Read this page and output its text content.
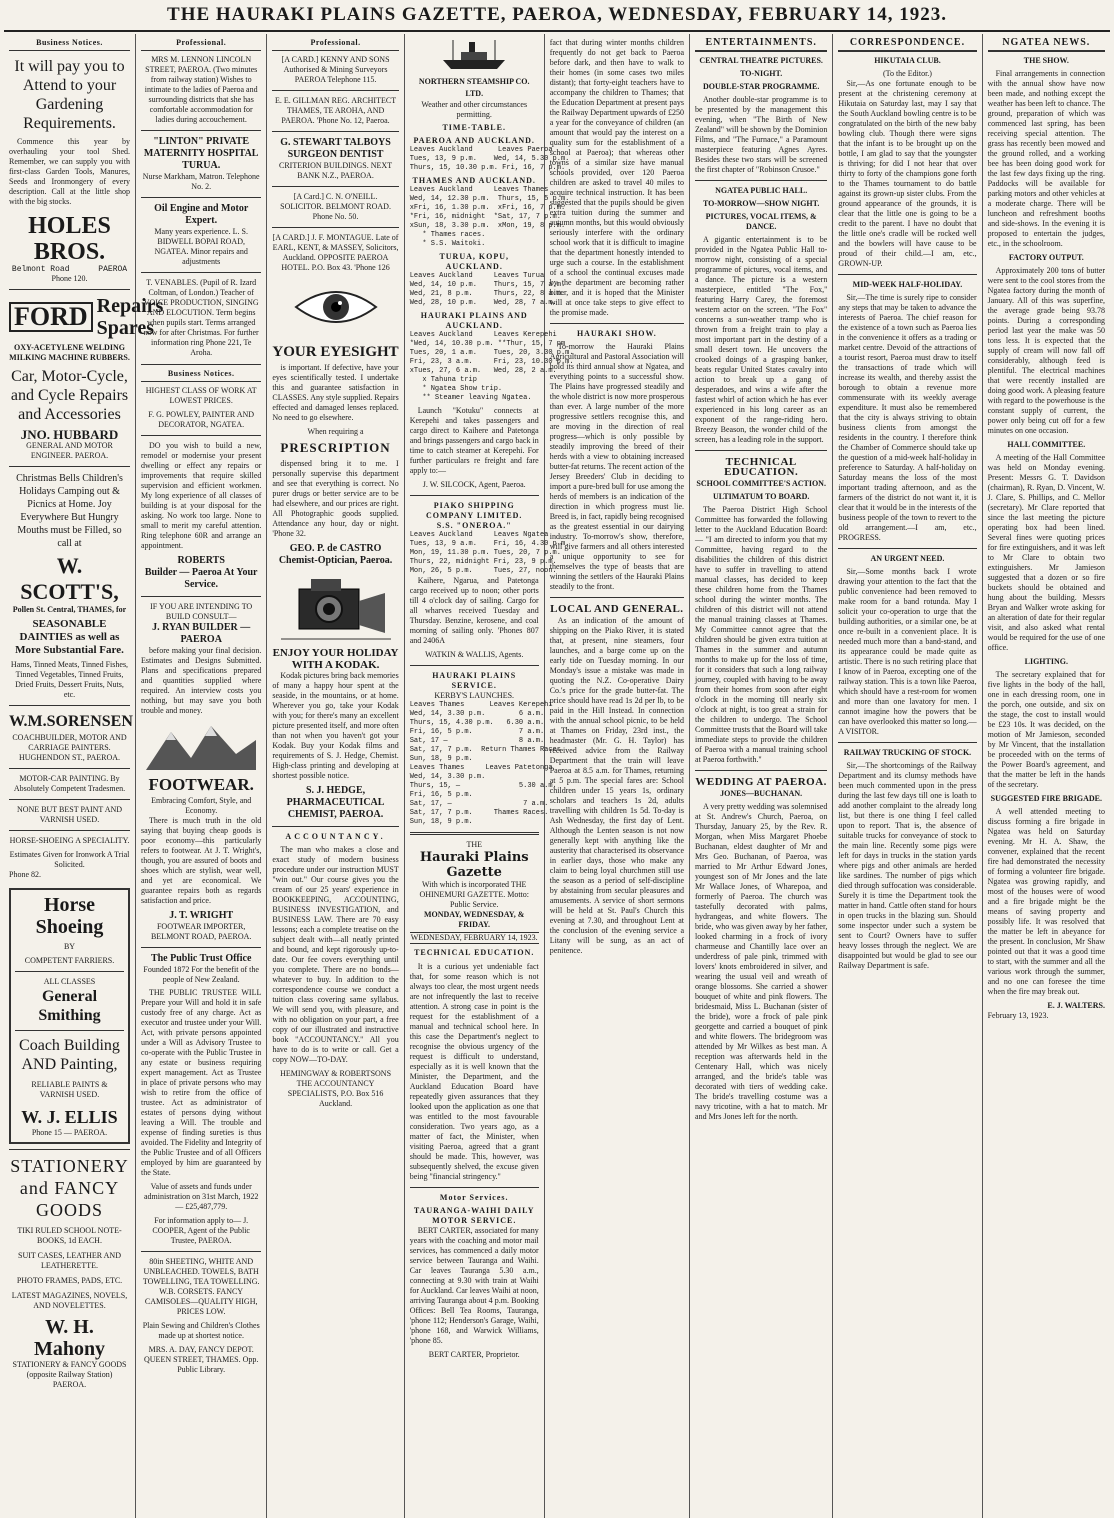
THE HAURAKI PLAINS GAZETTE, PAEROA, WEDNESDAY, FEBRUARY 14, 1923.
Business Notices.
It will pay you to Attend to your Gardening Requirements.
Commence this year by overhauling your tool Shed. Remember, we can supply you with first-class Garden Tools, Manures, Seeds and Ironmongery of every description. Call at the little shop with the big stocks.
HOLES BROS.
Belmont Road      PAEROA
Phone 120.
FORD Repairs
Spares
OXY-ACETYLENE WELDING MILKING MACHINE RUBBERS.
Car, Motor-Cycle, and Cycle Repairs and Accessories
JNO. HUBBARD
GENERAL AND MOTOR ENGINEER. PAEROA.
Christmas Bells Children's Holidays Camping out & Picnics at Home. Joy Everywhere But Hungry Mouths must be Filled, so call at
W. SCOTT'S,
Pollen St. Central, THAMES, for
SEASONABLE DAINTIES as well as More Substantial Fare.
Hams, Tinned Meats, Tinned Fishes, Tinned Vegetables, Tinned Fruits, Dried Fruits, Dessert Fruits, Nuts, etc.
W.M.SORENSEN
COACHBUILDER, MOTOR AND CARRIAGE PAINTERS. HUGHENDON ST., PAEROA.
MOTOR-CAR PAINTING. By Absolutely Competent Tradesmen.
NONE BUT BEST PAINT AND VARNISH USED.
HORSE-SHOEING A SPECIALITY.
Estimates Given for Ironwork A Trial Solicited.
Phone 82.
Horse Shoeing
BY
COMPETENT FARRIERS.
ALL CLASSES
General Smithing
Coach Building AND Painting,
RELIABLE PAINTS & VARNISH USED.
W. J. ELLIS
Phone 15 — PAEROA.
STATIONERY and FANCY GOODS
TIKI RULED SCHOOL NOTE-BOOKS, 1d EACH.
SUIT CASES, LEATHER AND LEATHERETTE.
PHOTO FRAMES, PADS, ETC.
LATEST MAGAZINES, NOVELS, AND NOVELETTES.
W. H. Mahony
STATIONERY & FANCY GOODS (opposite Railway Station) PAEROA.
Professional.
MRS M. LENNON LINCOLN STREET, PAEROA. (Two minutes from railway station) Wishes to intimate to the ladies of Paeroa and surrounding districts that she has comfortable accommodation for ladies during accouchement.
"LINTON" PRIVATE MATERNITY HOSPITAL TURUA.
Nurse Markham, Matron. Telephone No. 2.
Oil Engine and Motor Expert.
Many years experience. L. S. BIDWELL BOPAI ROAD, NGATEA. Minor repairs and adjustments
T. VENABLES. (Pupil of R. Izard Coltman, of London.) Teacher of VOICE PRODUCTION, SINGING AND ELOCUTION. Term begins when pupils start. Terms arranged now for after Christmas. For further information ring Phone 221, Te Aroha.
Business Notices.
HIGHEST CLASS OF WORK AT LOWEST PRICES.
F. G. POWLEY, PAINTER AND DECORATOR, NGATEA.
DO you wish to build a new, remodel or modernise your present dwelling or effect any repairs or improvements that require skilled supervision and efficient workmen. My long experience of all classes of building is at your disposal for the asking. No work too large. None to small to merit my careful attention. Ring telephone 60R and arrange an appointment.
ROBERTS
Builder — Paeroa At Your Service.
IF YOU ARE INTENDING TO BUILD CONSULT—
J. RYAN BUILDER — PAEROA
before making your final decision. Estimates and Designs Submitted. Plans and specifications prepared and quantities supplied where required. An interview costs you nothing, but may save you both trouble and money.
FOOTWEAR.
Embracing Comfort, Style, and Economy.
There is much truth in the old saying that buying cheap goods is poor economy—this particularly refers to footwear. At J. T. Wright's, though, you are assured of boots and shoes which are stylish, wear well, and yet are economical. We guarantee repairs both as regards satisfaction and price.
J. T. WRIGHT
FOOTWEAR IMPORTER, BELMONT ROAD, PAEROA.
The Public Trust Office
Founded 1872 For the benefit of the people of New Zealand.
THE PUBLIC TRUSTEE WILL Prepare your Will and hold it in safe custody free of any charge. Act as executor and trustee under your Will. Act, with private persons appointed under a Will as Advisory Trustee to co-operate with the Public Trustee in any estate or business requiring expert management. Act as Trustee in place of private persons who may wish to retire from the office of trustee. Act as administrator of estates of persons dying without leaving a Will. The trouble and expense of finding sureties is thus avoided. The Fidelity and Integrity of the Public Trustee and of all Officers employed by him are guaranteed by the State.
Value of assets and funds under administration on 31st March, 1922— £25,487,779.
For information apply to— J. COOPER, Agent of the Public Trustee, PAEROA.
80in SHEETING, WHITE AND UNBLEACHED. TOWELS, BATH TOWELLING, TEA TOWELLING. W.B. CORSETS. FANCY CAMISOLES—QUALITY HIGH, PRICES LOW.
Plain Sewing and Children's Clothes made up at shortest notice.
MRS. A. DAY, FANCY DEPOT. QUEEN STREET, THAMES. Opp. Public Library.
Professional.
[A CARD.] KENNY AND SONS Authorised & Mining Surveyors PAEROA Telephone 115.
E. E. GILLMAN REG. ARCHITECT THAMES, TE AROHA, AND PAEROA. 'Phone No. 12, Paeroa.
G. STEWART TALBOYS SURGEON DENTIST
CRITERION BUILDINGS. NEXT BANK N.Z., PAEROA.
[A Card.] C. N. O'NEILL. SOLICITOR. BELMONT ROAD. Phone No. 50.
[A CARD.] J. F. MONTAGUE. Late of EARL, KENT, & MASSEY, Solicitors, Auckland. OPPOSITE PAEROA HOTEL. P.O. Box 43. 'Phone 126
YOUR EYESIGHT
is important. If defective, have your eyes scientifically tested. I undertake this and guarantee satisfaction in CLASSES. Any style supplied. Repairs effected and damaged lenses replaced. No need to go elsewhere.
When requiring a
PRESCRIPTION
dispensed bring it to me. I personally supervise this department and see that everything is correct. No purer drugs or better service are to be had elsewhere, and our prices are right. All Photographic goods supplied. Attendance any hour, day or night. 'Phone 32.
GEO. P. de CASTRO Chemist-Optician, Paeroa.
ENJOY YOUR HOLIDAY WITH A KODAK.
Kodak pictures bring back memories of many a happy hour spent at the seaside, in the mountains, or at home. Wherever you go, take your Kodak with you; for there's many an excellent picture presented itself, and more often than not when you haven't got your Kodak. Buy your Kodak films and requirements of S. J. Hedge, Chemist. High-class printing and developing at shortest possible notice.
S. J. HEDGE, PHARMACEUTICAL CHEMIST, PAEROA.
ACCOUNTANCY.
The man who makes a close and exact study of modern business procedure under our instruction MUST "win out." Our course gives you the cream of our 25 years' experience in BOOKKEEPING, ACCOUNTING, BUSINESS INVESTIGATION, and BUSINESS LAW. There are 70 easy lessons; each a complete treatise on the subject dealt with—all neatly printed and bound, and kept rigorously up-to-date. Our fee covers everything until you complete. There are no bonds—whatever to buy. In addition to the correspondence course we conduct a tuition class covering same syllabus. We will send you, with pleasure, and with no obligation on your part, a free copy of our illustrated and instructive book "ACCOUNTANCY." All you have to do is to write or call. Get a copy NOW—TO-DAY.
HEMINGWAY & ROBERTSONS THE ACCOUNTANCY SPECIALISTS, P.O. Box 516 Auckland.
NORTHERN STEAMSHIP CO. LTD.
Weather and other circumstances permitting.
TIME-TABLE.
PAEROA AND AUCKLAND.
Leaves Auckland      Leaves Paeroa
Tues, 13, 9 p.m.    Wed, 14, 5.30 p.m.
Thurs, 15, 10.30 p.m. Fri, 16, 7 p.m.
THAMES AND AUCKLAND.
Leaves Auckland     Leaves Thames
Wed, 14, 12.30 p.m.  Thurs, 15, 5 p.m.
xFri, 16, 1.30 p.m.  xFri, 16, 7 p.m.
*Fri, 16, midnight  *Sat, 17, 7 p.m.
xSun, 18, 3.30 p.m.  xMon, 19, 8 p.m.
* Thames races.
* S.S. Waitoki.
TURUA, KOPU, AUCKLAND.
Leaves Auckland     Leaves Turua
Wed, 14, 10 p.m.    Thurs, 15, 7 a.m.
Wed, 21, 8 p.m.     Thurs, 22, 8 a.m.
Wed, 28, 10 p.m.    Wed, 28, 7 a.m.
HAURAKI PLAINS AND AUCKLAND.
Leaves Auckland     Leaves Kerepehi
*Wed, 14, 10.30 p.m. **Thur, 15, 7 pm
Tues, 20, 1 a.m.    Tues, 20, 3.30 p.m.
Fri, 23, 3 a.m.     Fri, 23, 10.30 p.m.
xTues, 27, 6 a.m.   Wed, 28, 2 a.m.
x Tahuna trip
* Ngatea Show trip.
** Steamer leaving Ngatea.
Launch "Kotuku" connects at Kerepehi and takes passengers and cargo direct to Kaihere and Patetonga and brings passengers and cargo back in time to catch steamer at Kerepehi. For further particulars re freight and fare apply to:—
J. W. SILCOCK, Agent, Paeroa.
PIAKO SHIPPING COMPANY LIMITED.
S.S. "ONEROA."
Leaves Auckland     Leaves Ngatea
Tues, 13, 9 a.m.    Fri, 16, 4.30 p.m.
Mon, 19, 11.30 p.m. Tues, 20, 7 p.m.
Thurs, 22, midnight Fri, 23, 9 p.m.
Mon, 26, 5 p.m.     Tues, 27, noon.
Kaihere, Ngarua, and Patetonga cargo received up to noon; other ports till 4 o'clock day of sailing. Cargo for all wharves received Tuesday and Thursday. Benzine, kerosene, and coal morning of sailing only. 'Phones 807 and 2406A
WATKIN & WALLIS, Agents.
HAURAKI PLAINS SERVICE.
KERBY'S LAUNCHES.
Leaves Thames      Leaves Kerepehi
Wed, 14, 3.30 p.m.        6 a.m.
Thurs, 15, 4.30 p.m.   6.30 a.m.
Fri, 16, 5 p.m.           7 a.m.
Sat, 17 —                 8 a.m.
Sat, 17, 7 p.m.  Return Thames Races
Sun, 18, 9 p.m.
Leaves Thames     Leaves Patetonga
Wed, 14, 3.30 p.m.
Thurs, 15, —              5.30 a.m.
Fri, 16, 5 p.m.
Sat, 17, —                 7 a.m.
Sat, 17, 7 p.m.     Thames Races.
Sun, 18, 9 p.m.
THE
Hauraki Plains Gazette
With which is incorporated THE OHINEMURI GAZETTE. Motto: Public Service.
MONDAY, WEDNESDAY, & FRIDAY.
WEDNESDAY, FEBRUARY 14, 1923.
TECHNICAL EDUCATION.
It is a curious yet undeniable fact that, for some reason which is not always too clear, the most urgent needs are not infrequently the last to receive attention. A strong case in point is the request for the establishment of a manual and technical school here. In this case the Department's neglect to recognise the obvious urgency of the request is difficult to understand, especially as it is well known that the Minister, the Department, and the Auckland Education Board have repeatedly given assurances that they looked upon the application as one that was entitled to the most favourable consideration. Two years ago, as a matter of fact, the Minister, when visiting Paeroa, agreed that a grant should be made. This, however, was subsequently shelved, the excuse given being "financial stringency."
Motor Services.
TAURANGA-WAIHI DAILY MOTOR SERVICE.
BERT CARTER, associated for many years with the coaching and motor mail services, has commenced a daily motor service between Tauranga and Waihi. Car leaves Tauranga 5.30 a.m., connecting at 9.30 with train at Waihi for Auckland. Car leaves Waihi at noon, arriving Tauranga about 4 p.m. Booking Offices: Bell Tea Rooms, Tauranga, 'phone 112; Henderson's Garage, Waihi, 'phone 168, and Warwick Williams, 'phone 85.
BERT CARTER, Proprietor.
fact that during winter months children frequently do not get back to Paeroa before dark, and then have to walk to their homes (in some cases two miles distant); that forty-eight teachers have to accompany the children to Thames; that the Education Department at present pays the Railway Department upwards of £250 a year for the conveyance of children (an amount that would pay the interest on a quality sum for the establishment of a school at Paeroa); that whereas other towns of a similar size have manual schools provided, over 120 Paeroa children are asked to travel 40 miles to acquire technical instruction. It has been suggested that the pupils should be given extra tuition during the summer and autumn months, but this would obviously seriously interfere with the ordinary school work that it is difficult to imagine that the department honestly intended to urge such a course. In the establishment of a school the continual excuses made by the department are becoming rather bitter, and it is hoped that the Minister will at once take steps to give effect to the promise made.
HAURAKI SHOW.
To-morrow the Hauraki Plains Agricultural and Pastoral Association will hold its third annual show at Ngatea, and everything points to a successful show. The Plains have progressed steadily and the whole district is now more prosperous than ever. A large number of the more progressive settlers recognise this, and are moving in the direction of real progress—which is only possible by steadily improving the breed of their herds with a view to obtaining increased butter-fat returns. The recent action of the Jersey Breeders' Club in deciding to import a pure-bred bull for use among the herds of members is an indication of the direction in which progress must lie. Breed is, in fact, rapidly being recognised as the greatest essential in our dairying industry. To-morrow's show, therefore, will give farmers and all others interested a unique opportunity to see for themselves the type of beasts that are winning the settlers of the Hauraki Plains steadily to the front.
LOCAL AND GENERAL.
As an indication of the amount of shipping on the Piako River, it is stated that, at present, nine steamers, four launches, and a barge come up on the early tide on Tuesday morning. In our Monday's issue a mistake was made in quoting the N.Z. Co-operative Dairy Co.'s price for the grade butter-fat. The price should have read 1s 2d per lb, to be paid in the Hill Instead. In connection with the annual school picnic, to be held at Thames on Friday, 23rd inst., the headmaster (Mr. G. H. Taylor) has received advice from the Railway Department that the train will leave Paeroa at 8.5 a.m. for Thames, returning at 5 p.m. The special fares are: School children under 15 years 1s, ordinary scholars and teachers 1s 2d, adults travelling with children 1s 5d. To-day is Ash Wednesday, the first day of Lent. Although the Lenten season is not now generally kept with anything like the austerity that characterised its observance in earlier days, those who make any claim to being loyal churchmen still use the season as a period of self-discipline by abstaining from secular pleasures and amusements. A service of short sermons will be held at St. Paul's Church this evening at 7.30, and throughout Lent at the conclusion of the evening service a Litany will be sung, as an act of penitence.
ENTERTAINMENTS.
CENTRAL THEATRE PICTURES.
TO-NIGHT.
DOUBLE-STAR PROGRAMME.
Another double-star programme is to be presented by the management this evening, when "The Birth of New Zealand" will be shown by the Dominion Films, and "The Furnace," a Paramount masterpiece featuring Agnes Ayres. Besides these two stars will be screened the first chapter of "Robinson Crusoe."
NGATEA PUBLIC HALL.
TO-MORROW—SHOW NIGHT.
PICTURES, VOCAL ITEMS, & DANCE.
A gigantic entertainment is to be provided in the Ngatea Public Hall to-morrow night, consisting of a special programme of pictures, vocal items, and a dance. The picture is a western masterpiece, entitled "The Fox," featuring Harry Carey, the foremost western actor on the screen. "The Fox" concerns a sun-weather tramp who is thrown from a freight train to play a most important part in the destiny of a small desert town. He uncovers the crooked doings of a grasping banker, beats regular United States cavalry into action to break up a gang of desperadoes, and wins a wife after the fastest whirl of action which he has ever experienced in his long career as an exponent of the range-riding hero. Breezy Beason, the wonder child of the screen, has a leading role in the support.
TECHNICAL EDUCATION.
SCHOOL COMMITTEE'S ACTION.
ULTIMATUM TO BOARD.
The Paeroa District High School Committee has forwarded the following letter to the Auckland Education Board:— "I am directed to inform you that my Committee, having regard to the disabilities the children of this district have to suffer in travelling to attend manual classes, has decided to keep these children home from the Thames school during the winter months. The children of this district will not attend the manual training classes at Thames. My Committee cannot agree that the children should be given extra tuition at Thames in the summer and autumn months to make up for the loss of time, for it considers that such a long railway journey, coupled with having to be away from their homes from soon after eight o'clock in the morning till nearly six o'clock at night, is too great a strain for the children to undergo. The School Committee trusts that the Board will take immediate steps to provide the children of Paeroa with a manual training school at Paeroa forthwith."
WEDDING AT PAEROA.
JONES—BUCHANAN.
A very pretty wedding was solemnised at St. Andrew's Church, Paeroa, on Thursday, January 25, by the Rev. R. Morgan, when Miss Margaret Phoebe Buchanan, eldest daughter of Mr and Mrs Geo. Buchanan, of Paeroa, was married to Mr Arthur Edward Jones, youngest son of Mr Jones and the late Mr Wallace Jones, of Wharepoa, and formerly of Paeroa. The church was tastefully decorated with palms, hydrangeas, and white flowers. The bride, who was given away by her father, looked charming in a frock of ivory charmeuse and Chantilly lace over an underdress of pale pink, trimmed with lovers' knots embroidered in silver, and wearing the usual veil and wreath of orange blossoms. She carried a shower bouquet of white and pink flowers. The bridesmaid, Miss L. Buchanan (sister of the bride), wore a frock of pale pink georgette and carried a bouquet of pink and white flowers. The bridegroom was attended by Mr Wilkes as best man. A reception was afterwards held in the Centenary Hall, which was nicely arranged, and the bride's table was decorated with tiers of wedding cake. The bride's travelling costume was a navy tricotine, with a hat to match. Mr and Mrs Jones left for the north.
CORRESPONDENCE.
HIKUTAIA CLUB.
(To the Editor.)
Sir,—As one fortunate enough to be present at the christening ceremony at Hikutaia on Saturday last, may I say that the South Auckland bowling centre is to be congratulated on the birth of the new baby bowling club. Though there were signs that the infant is to be brought up on the bottle, I am glad to say that the youngster is thriving; for did I not hear that over thirty to forty of the champions gone forth to the Thames tournament to do battle against its grown-up sister clubs. From the ground appearance of the grounds, it is clear that the little one is going to be a credit to the parent. I have no doubt that the little one's cradle will be rocked well and the bowlers will have cause to be proud of their child.—I am, etc., GROWN-UP.
MID-WEEK HALF-HOLIDAY.
Sir,—The time is surely ripe to consider any steps that may be taken to advance the interests of Paeroa. The chief reason for the existence of a town such as Paeroa lies in the convenience it offers as a trading or market centre. Devoid of the attractions of a tourist resort, Paeroa must draw to itself the transactions of trade which will increase its wealth, and thereby assist the borough to obtain a revenue more commensurate with its weekly average expenditure. It must also be remembered that the city is always striving to obtain business clients from amongst the residents in the country. I therefore think the Chamber of Commerce should take up the question of a mid-week half-holiday in preference to Saturday. A half-holiday on Saturday means the loss of the most important trading afternoon, and as the farmers of the district do not want it, it is clear that it would be in the interests of the business people of the town to revert to the old arrangement.—I am, etc., PROGRESS.
AN URGENT NEED.
Sir,—Some months back I wrote drawing your attention to the fact that the public convenience had been removed to make room for a band rotunda. May I solicit your co-operation to urge that the building authorities, or a similar one, be at once re-built in a convenient place. It is needed much more than a band-stand, and its appearance could be made quite as artistic. There is no such retiring place that I know of in Paeroa, excepting one of the railway station. This is a town like Paeroa, which should have a rest-room for women and more than one lavatory for men. I cannot imagine how the powers that be can have overlooked this matter so long.—A VISITOR.
RAILWAY TRUCKING OF STOCK.
Sir,—The shortcomings of the Railway Department and its clumsy methods have been much commented upon in the press during the last few days till one is loath to add another complaint to the already long list, but there is one thing I feel called upon to report. That is, the absence of suitable trucks for conveyance of stock to the main line. Recently some pigs were left for days in trucks in the station yards where pigs and other animals are herded like sardines. The number of pigs which died through suffocation was considerable. Surely it is time the Department took the matter in hand. Cattle often stand for hours in open trucks in the blazing sun. Should some inspector under such a system be sent to Court? Owners have to suffer heavy losses through the neglect. We are disappointed but would be glad to see our Railway Department is safe.
NGATEA NEWS.
THE SHOW.
Final arrangements in connection with the annual show have now been made, and nothing except the weather has been left to chance. The ground, preparation of which was commenced last spring, has been receiving special attention. The grass has recently been mowed and the ground rolled, and a working bee has been doing good work for the last few days fixing up the ring. Paddocks will be available for parking motors and other vehicles at a moderate charge. There will be luncheon and refreshment booths and side-shows. In the evening it is proposed to entertain the judges, etc., in the schoolroom.
FACTORY OUTPUT.
Approximately 200 tons of butter were sent to the cool stores from the Ngatea factory during the month of January. All of this was superfine, the average grade being 93.78 points. During a corresponding period last year the make was 50 tons less. It is expected that the supply of cream will now fall off considerably, although feed is plentiful. The electrical machines that were recently installed are doing good work. A pleasing feature with regard to the powerhouse is the constant supply of current, the power only being cut off for a few minutes on one occasion.
HALL COMMITTEE.
A meeting of the Hall Committee was held on Monday evening. Present: Messrs G. T. Davidson (chairman), R. Ryan, D. Vincent, W. J. Clare, S. Phillips, and C. Mellor (secretary). Mr Clare reported that since the last meeting the picture operating box had been lined. Several fines were quoting prices for fire extinguishers, and it was left to Mr Clare to obtain two extinguishers. Mr Jamieson suggested that a dozen or so fire buckets should be obtained and hung about the building. Messrs Bryan and Walker wrote asking for an alteration of date for their regular visit, and also asked what rental would be required for the use of one office.
LIGHTING.
The secretary explained that for five lights in the body of the hall, one in each dressing room, one in the porch, one outside, and six on the stage, the cost to install would be £23 10s. It was decided, on the motion of Mr Jamieson, seconded by Mr Vincent, that the installation be proceeded with on the terms of the Power Board's agreement, and that the matter be left in the hands of the secretary.
SUGGESTED FIRE BRIGADE.
A well attended meeting to discuss forming a fire brigade in Ngatea was held on Saturday evening. Mr H. A. Shaw, the convener, explained that the recent fire had demonstrated the necessity of forming a volunteer fire brigade. Ngatea was growing rapidly, and most of the houses were of wood and a fire brigade might be the means of saving property and possibly life. It was resolved that the matter be left in abeyance for the present. In conclusion, Mr Shaw pointed out that it was a good time to start, with the summer and all the various work through the summer, and no one can foresee the time when the fire may break out.
E. J. WALTERS.
February 13, 1923.
